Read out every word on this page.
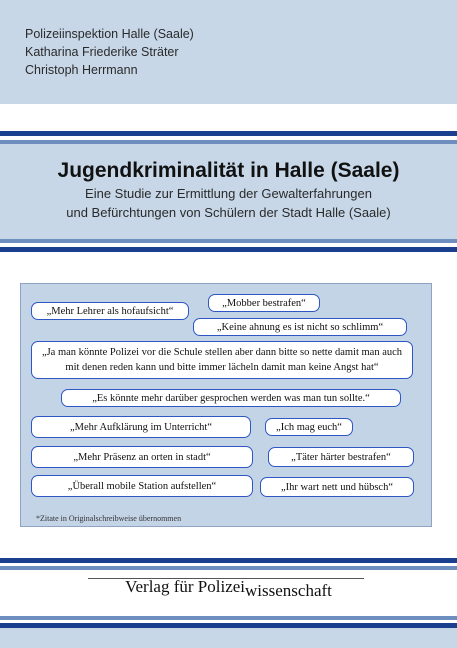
Polizeiinspektion Halle (Saale)
Katharina Friederike Sträter
Christoph Herrmann
Jugendkriminalität in Halle (Saale)
Eine Studie zur Ermittlung der Gewalterfahrungen
und Befürchtungen von Schülern der Stadt Halle (Saale)
„Mehr Lehrer als hofaufsicht“
„Mobber bestrafen“
„Keine ahnung es ist nicht so schlimm“
„Ja man könnte Polizei vor die Schule stellen aber dann bitte so nette damit man auch mit denen reden kann und bitte immer lächeln damit man keine Angst hat“
„Es könnte mehr darüber gesprochen werden was man tun sollte.“
„Mehr Aufklärung im Unterricht“	„Ich mag euch“
„Mehr Präsenz an orten in stadt“	„Täter härter bestrafen“
„Überall mobile Station aufstellen“	„Ihr wart nett und hübsch“
*Zitate in Originalschreibweise übernommen
Verlag für Polizeiwissenschaft
